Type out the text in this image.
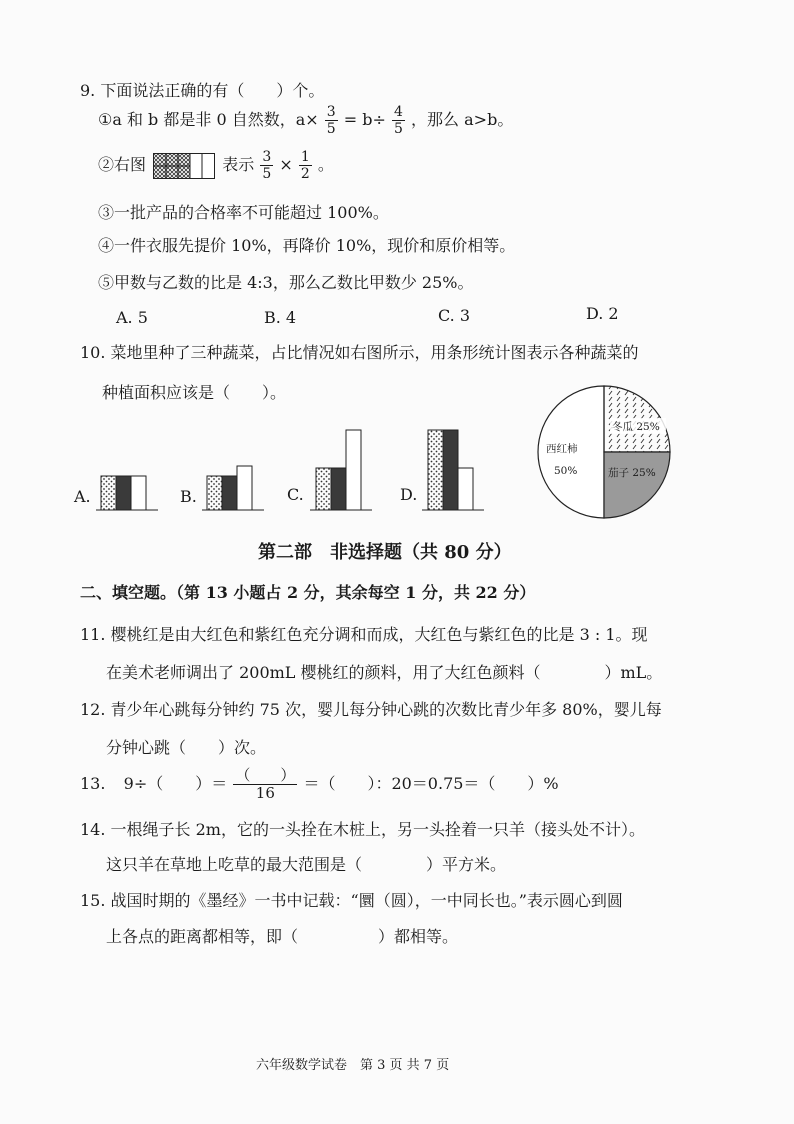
9. 下面说法正确的有（　　）个。
①a 和 b 都是非 0 自然数，$a\times \frac{3}{5} = b\div \frac{4}{5}$ ，那么 a>b。
②右图	表示 $\frac{3}{5} \times \frac{1}{2}$ 。
③一批产品的合格率不可能超过 100%。
④一件衣服先提价 10%，再降价 10%，现价和原价相等。
⑤甲数与乙数的比是 4:3，那么乙数比甲数少 25%。
A. 5	B. 4	C. 3	D. 2
10. 菜地里种了三种蔬菜，占比情况如右图所示，用条形统计图表示各种蔬菜的
种植面积应该是（　　）。
A.	B.	C.	D.
冬瓜 25%
茄子 25%
西红柿
50%
第二部　非选择题（共 80 分）
二、填空题。（第 13 小题占 2 分，其余每空 1 分，共 22 分）
11. 樱桃红是由大红色和紫红色充分调和而成，大红色与紫红色的比是 3 : 1。现
在美术老师调出了 200mL 樱桃红的颜料，用了大红色颜料（　　　　）mL。
12. 青少年心跳每分钟约 75 次，婴儿每分钟心跳的次数比青少年多 80%，婴儿每
分钟心跳（　　）次。
13. 9÷（　　）＝ $\frac{( )}{16}$ ＝（　　）：20＝0.75＝（　　）%
14. 一根绳子长 2m，它的一头拴在木桩上，另一头拴着一只羊（接头处不计）。
这只羊在草地上吃草的最大范围是（　　　　）平方米。
15. 战国时期的《墨经》一书中记载：“圜（圆），一中同长也。”表示圆心到圆
上各点的距离都相等，即（　　　　　）都相等。
六年级数学试卷　第 3 页 共 7 页
